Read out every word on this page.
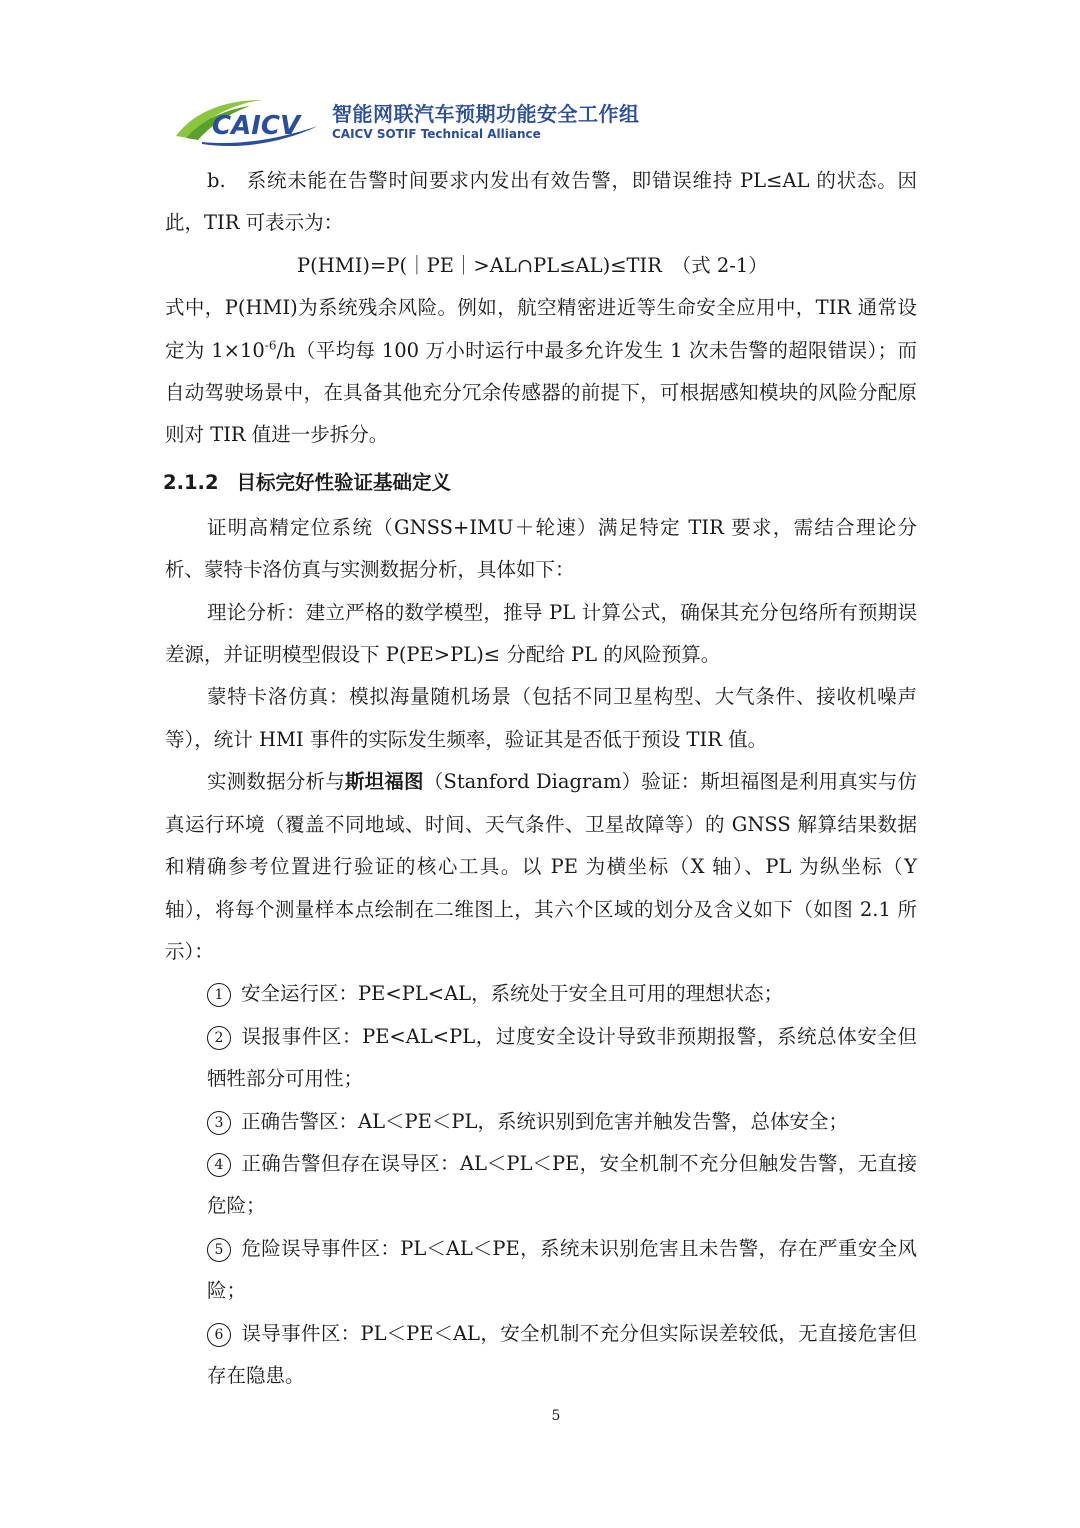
CAICV 智能网联汽车预期功能安全工作组
CAICV SOTIF Technical Alliance

b.　系统未能在告警时间要求内发出有效告警，即错误维持 PL≤AL 的状态。因此，TIR 可表示为：

P(HMI)=P(｜PE｜>AL∩PL≤AL)≤TIR　（式 2-1）

式中，P(HMI)为系统残余风险。例如，航空精密进近等生命安全应用中，TIR 通常设定为 $1\times 10^{-6}/h$（平均每 100 万小时运行中最多允许发生 1 次未告警的超限错误）；而自动驾驶场景中，在具备其他充分冗余传感器的前提下，可根据感知模块的风险分配原则对 TIR 值进一步拆分。

2.1.2 目标完好性验证基础定义

证明高精定位系统（GNSS+IMU＋轮速）满足特定 TIR 要求，需结合理论分析、蒙特卡洛仿真与实测数据分析，具体如下：

理论分析：建立严格的数学模型，推导 PL 计算公式，确保其充分包络所有预期误差源，并证明模型假设下 P(PE>PL)≤ 分配给 PL 的风险预算。

蒙特卡洛仿真：模拟海量随机场景（包括不同卫星构型、大气条件、接收机噪声等），统计 HMI 事件的实际发生频率，验证其是否低于预设 TIR 值。

实测数据分析与斯坦福图（Stanford Diagram）验证：斯坦福图是利用真实与仿真运行环境（覆盖不同地域、时间、天气条件、卫星故障等）的 GNSS 解算结果数据和精确参考位置进行验证的核心工具。以 PE 为横坐标（X 轴）、PL 为纵坐标（Y 轴），将每个测量样本点绘制在二维图上，其六个区域的划分及含义如下（如图 2.1 所示）：

1 安全运行区：PE<PL<AL，系统处于安全且可用的理想状态；

2 误报事件区：PE<AL<PL，过度安全设计导致非预期报警，系统总体安全但牺牲部分可用性；

3 正确告警区：AL＜PE＜PL，系统识别到危害并触发告警，总体安全；

4 正确告警但存在误导区：AL＜PL＜PE，安全机制不充分但触发告警，无直接危险；

5 危险误导事件区：PL＜AL＜PE，系统未识别危害且未告警，存在严重安全风险；

6 误导事件区：PL＜PE＜AL，安全机制不充分但实际误差较低，无直接危害但存在隐患。

5
